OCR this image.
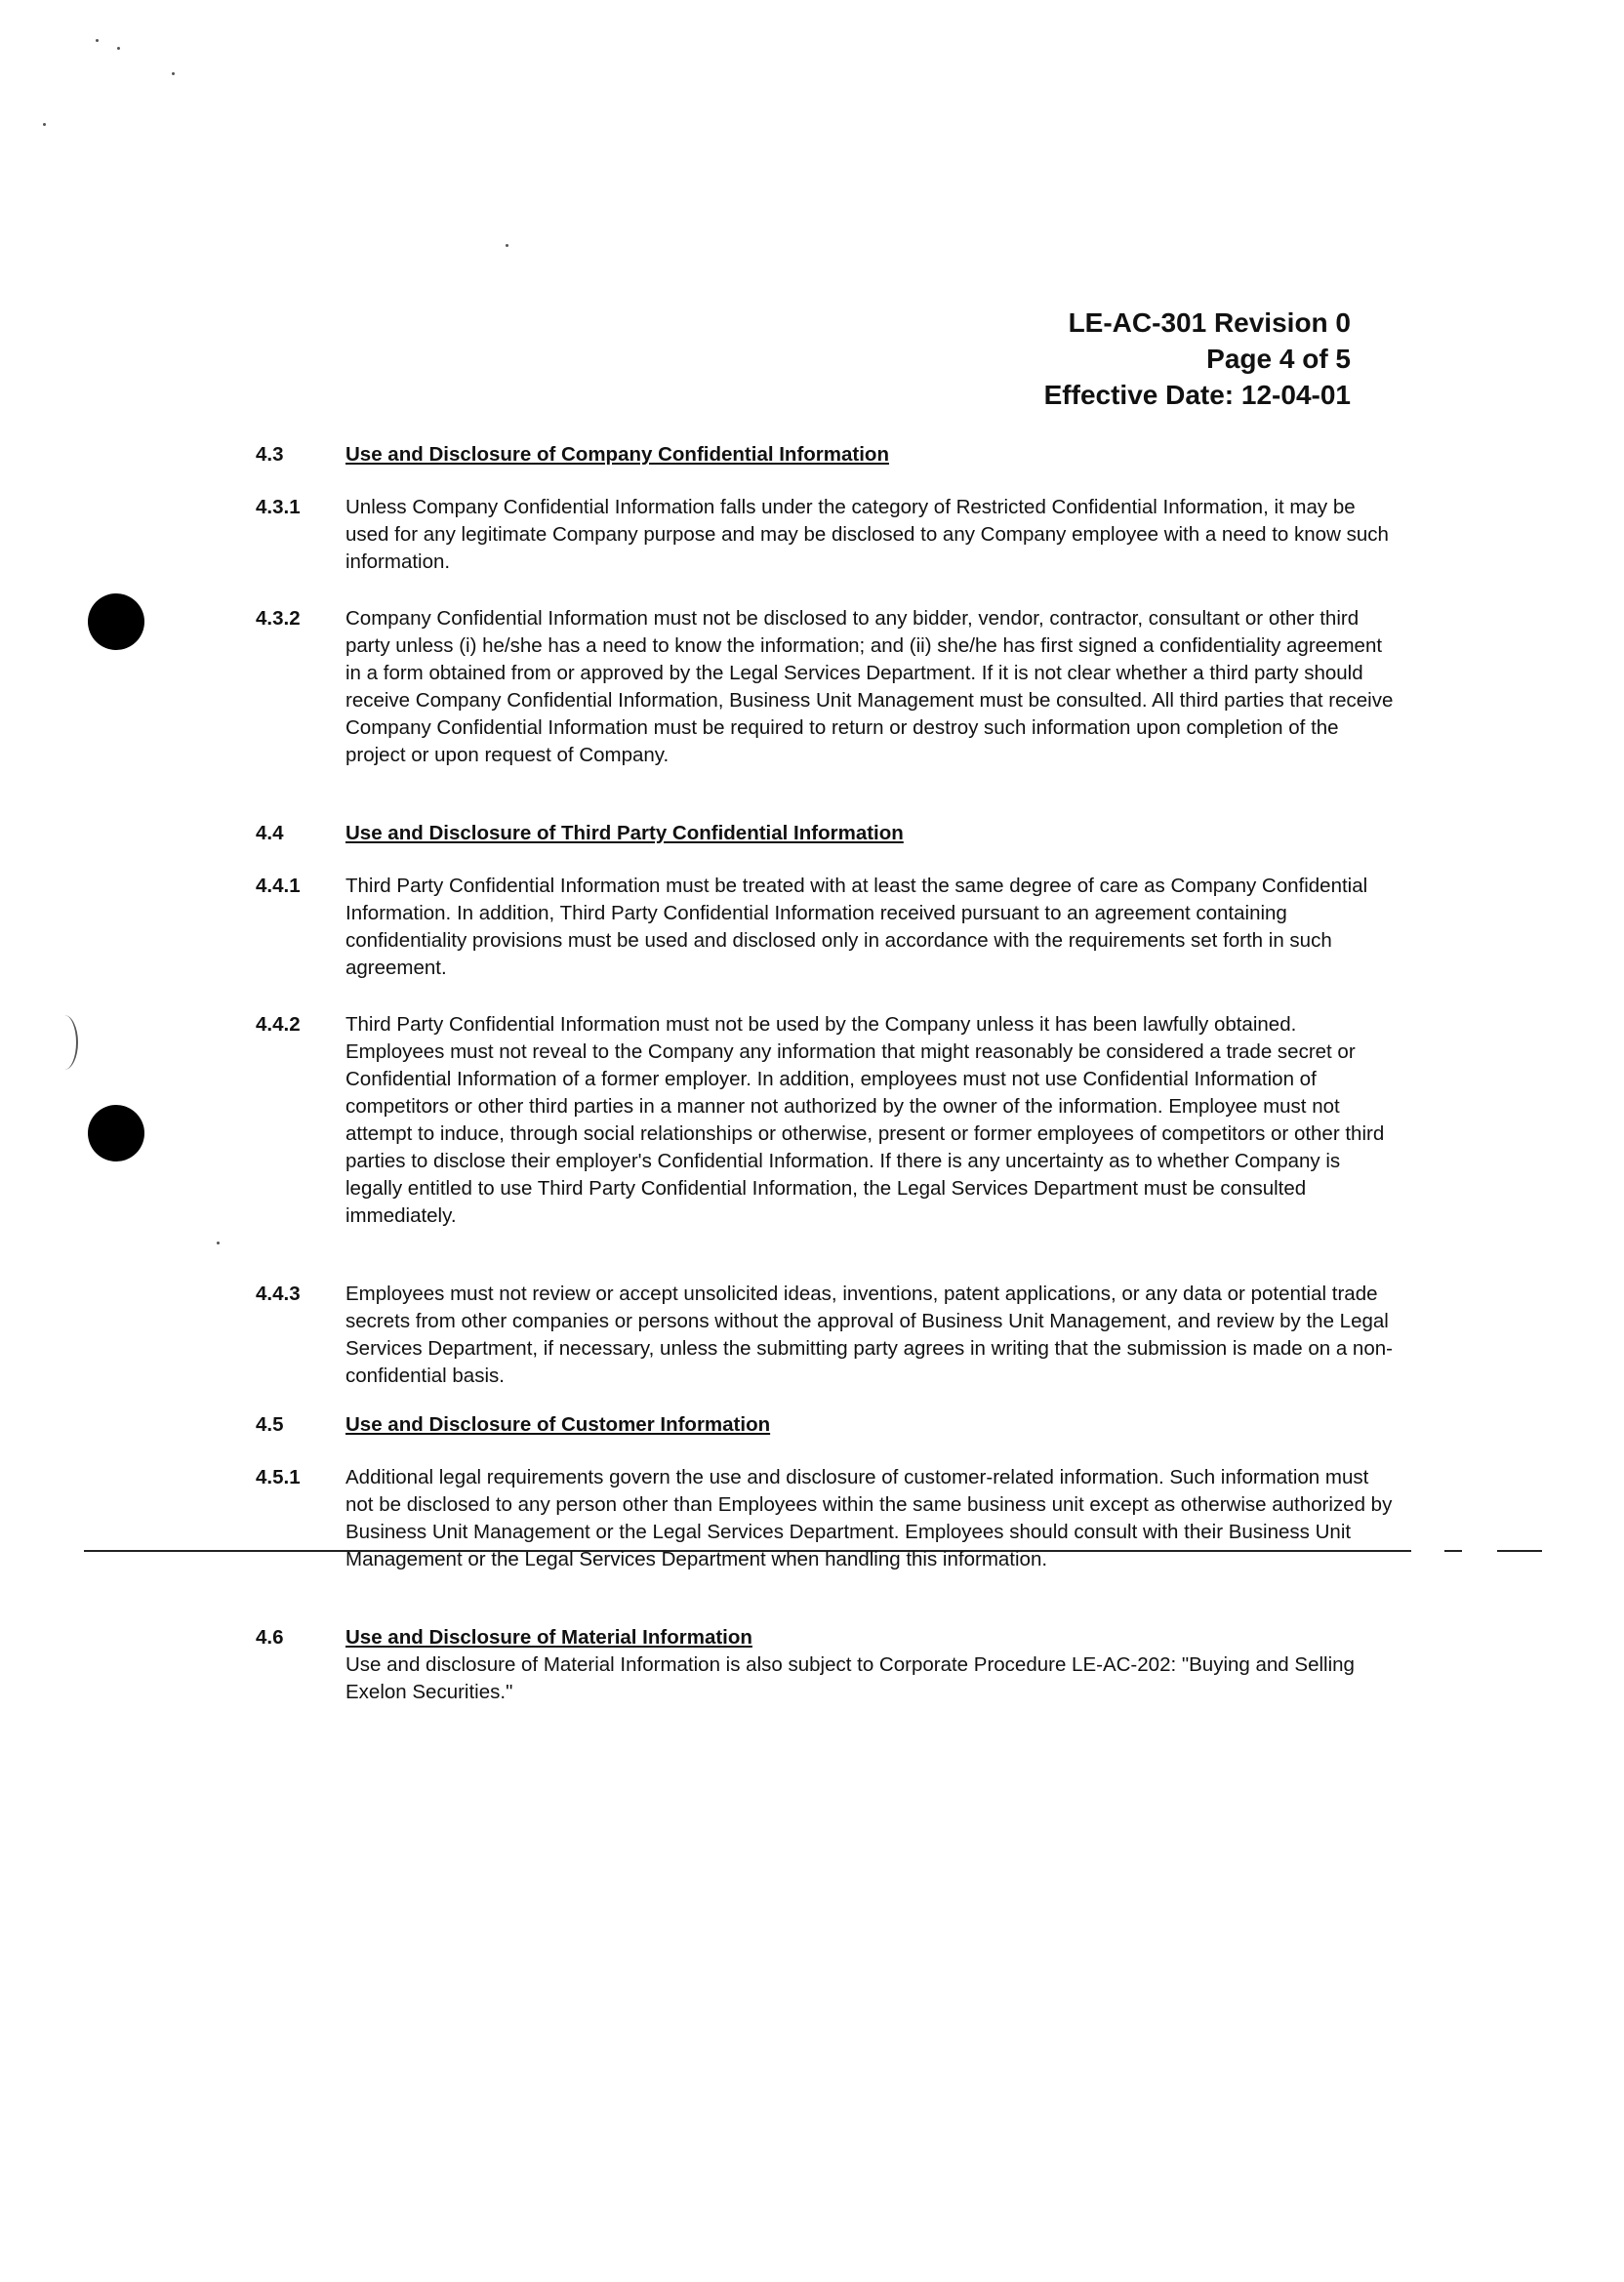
LE-AC-301 Revision 0
Page 4 of 5
Effective Date: 12-04-01
4.3	Use and Disclosure of Company Confidential Information
4.3.1	Unless Company Confidential Information falls under the category of Restricted Confidential Information, it may be used for any legitimate Company purpose and may be disclosed to any Company employee with a need to know such information.
4.3.2	Company Confidential Information must not be disclosed to any bidder, vendor, contractor, consultant or other third party unless (i) he/she has a need to know the information; and (ii) she/he has first signed a confidentiality agreement in a form obtained from or approved by the Legal Services Department. If it is not clear whether a third party should receive Company Confidential Information, Business Unit Management must be consulted. All third parties that receive Company Confidential Information must be required to return or destroy such information upon completion of the project or upon request of Company.
4.4	Use and Disclosure of Third Party Confidential Information
4.4.1	Third Party Confidential Information must be treated with at least the same degree of care as Company Confidential Information. In addition, Third Party Confidential Information received pursuant to an agreement containing confidentiality provisions must be used and disclosed only in accordance with the requirements set forth in such agreement.
4.4.2	Third Party Confidential Information must not be used by the Company unless it has been lawfully obtained. Employees must not reveal to the Company any information that might reasonably be considered a trade secret or Confidential Information of a former employer. In addition, employees must not use Confidential Information of competitors or other third parties in a manner not authorized by the owner of the information. Employee must not attempt to induce, through social relationships or otherwise, present or former employees of competitors or other third parties to disclose their employer's Confidential Information. If there is any uncertainty as to whether Company is legally entitled to use Third Party Confidential Information, the Legal Services Department must be consulted immediately.
4.4.3	Employees must not review or accept unsolicited ideas, inventions, patent applications, or any data or potential trade secrets from other companies or persons without the approval of Business Unit Management, and review by the Legal Services Department, if necessary, unless the submitting party agrees in writing that the submission is made on a non-confidential basis.
4.5	Use and Disclosure of Customer Information
4.5.1	Additional legal requirements govern the use and disclosure of customer-related information. Such information must not be disclosed to any person other than Employees within the same business unit except as otherwise authorized by Business Unit Management or the Legal Services Department. Employees should consult with their Business Unit Management or the Legal Services Department when handling this information.
4.6	Use and Disclosure of Material Information
Use and disclosure of Material Information is also subject to Corporate Procedure LE-AC-202: "Buying and Selling Exelon Securities."
